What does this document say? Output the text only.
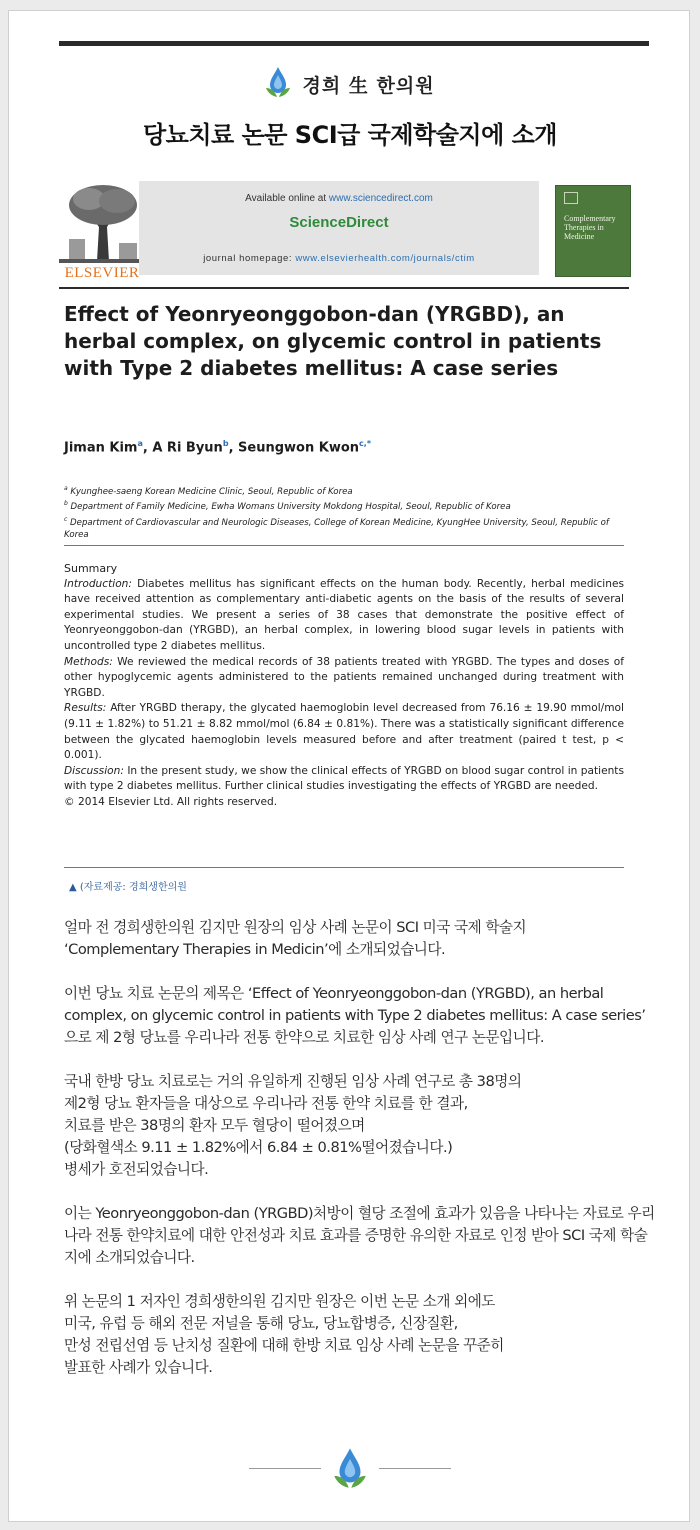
경희 生 한의원
당뇨치료 논문 SCI급 국제학술지에 소개
ELSEVIER
Available online at www.sciencedirect.com
ScienceDirect
journal homepage: www.elsevierhealth.com/journals/ctim
Complementary Therapies in Medicine
Effect of Yeonryeonggobon-dan (YRGBD), an herbal complex, on glycemic control in patients with Type 2 diabetes mellitus: A case series
Jiman Kim$^a$, A Ri Byun$^b$, Seungwon Kwon$^{c,*}$
$^a$ Kyunghee-saeng Korean Medicine Clinic, Seoul, Republic of Korea
$^b$ Department of Family Medicine, Ewha Womans University Mokdong Hospital, Seoul, Republic of Korea
$^c$ Department of Cardiovascular and Neurologic Diseases, College of Korean Medicine, KyungHee University, Seoul, Republic of Korea
Summary
Introduction: Diabetes mellitus has significant effects on the human body. Recently, herbal medicines have received attention as complementary anti-diabetic agents on the basis of the results of several experimental studies. We present a series of 38 cases that demonstrate the positive effect of Yeonryeonggobon-dan (YRGBD), an herbal complex, in lowering blood sugar levels in patients with uncontrolled type 2 diabetes mellitus.
Methods: We reviewed the medical records of 38 patients treated with YRGBD. The types and doses of other hypoglycemic agents administered to the patients remained unchanged during treatment with YRGBD.
Results: After YRGBD therapy, the glycated haemoglobin level decreased from 76.16 ± 19.90 mmol/mol (9.11 ± 1.82%) to 51.21 ± 8.82 mmol/mol (6.84 ± 0.81%). There was a statistically significant difference between the glycated haemoglobin levels measured before and after treatment (paired t test, p < 0.001).
Discussion: In the present study, we show the clinical effects of YRGBD on blood sugar control in patients with type 2 diabetes mellitus. Further clinical studies investigating the effects of YRGBD are needed.
© 2014 Elsevier Ltd. All rights reserved.
▲ (자료제공: 경희생한의원

얼마 전 경희생한의원 김지만 원장의 임상 사례 논문이 SCI 미국 국제 학술지
‘Complementary Therapies in Medicin’에 소개되었습니다.

이번 당뇨 치료 논문의 제목은 ‘Effect of Yeonryeonggobon-dan (YRGBD), an herbal complex, on glycemic control in patients with Type 2 diabetes mellitus: A case series’ 으로 제 2형 당뇨를 우리나라 전통 한약으로 치료한 임상 사례 연구 논문입니다.

국내 한방 당뇨 치료로는 거의 유일하게 진행된 임상 사례 연구로 총 38명의
제2형 당뇨 환자들을 대상으로 우리나라 전통 한약 치료를 한 결과,
치료를 받은 38명의 환자 모두 혈당이 떨어졌으며
(당화혈색소 9.11 ± 1.82%에서 6.84 ± 0.81%떨어졌습니다.)
병세가 호전되었습니다.

이는 Yeonryeonggobon-dan (YRGBD)처방이 혈당 조절에 효과가 있음을 나타나는 자료로 우리나라 전통 한약치료에 대한 안전성과 치료 효과를 증명한 유의한 자료로 인정 받아 SCI 국제 학술지에 소개되었습니다.

위 논문의 1 저자인 경희생한의원 김지만 원장은 이번 논문 소개 외에도
미국, 유럽 등 해외 전문 저널을 통해 당뇨, 당뇨합병증, 신장질환,
만성 전립선염 등 난치성 질환에 대해 한방 치료 임상 사례 논문을 꾸준히
발표한 사례가 있습니다.
